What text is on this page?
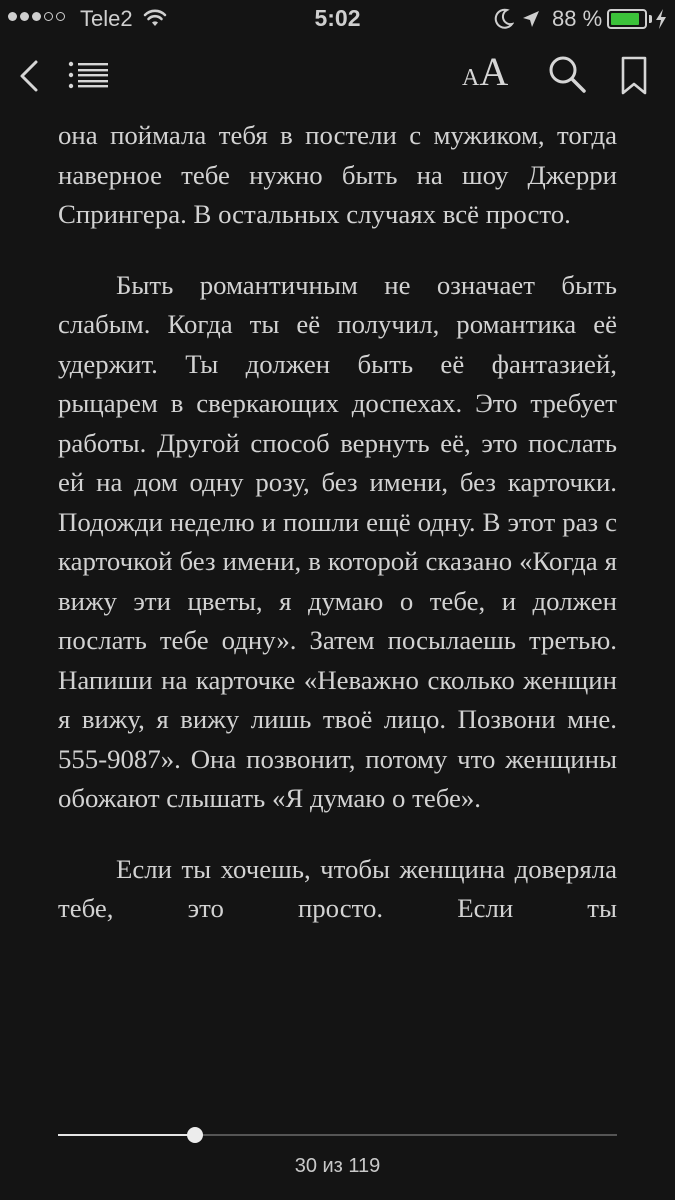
Tele2	5:02	88 %
AA

она поймала тебя в постели с мужиком, тогда наверное тебе нужно быть на шоу Джерри Спрингера. В остальных случаях всё просто.

Быть романтичным не означает быть слабым. Когда ты её получил, романтика её удержит. Ты должен быть её фантазией, рыцарем в сверкающих доспехах. Это требует работы. Другой способ вернуть её, это послать ей на дом одну розу, без имени, без карточки. Подожди неделю и пошли ещё одну. В этот раз с карточкой без имени, в которой сказано «Когда я вижу эти цветы, я думаю о тебе, и должен послать тебе одну». Затем посылаешь третью. Напиши на карточке «Неважно сколько женщин я вижу, я вижу лишь твоё лицо. Позвони мне. 555-9087». Она позвонит, потому что женщины обожают слышать «Я думаю о тебе».

Если ты хочешь, чтобы женщина доверяла тебе, это просто. Если ты

30 из 119
